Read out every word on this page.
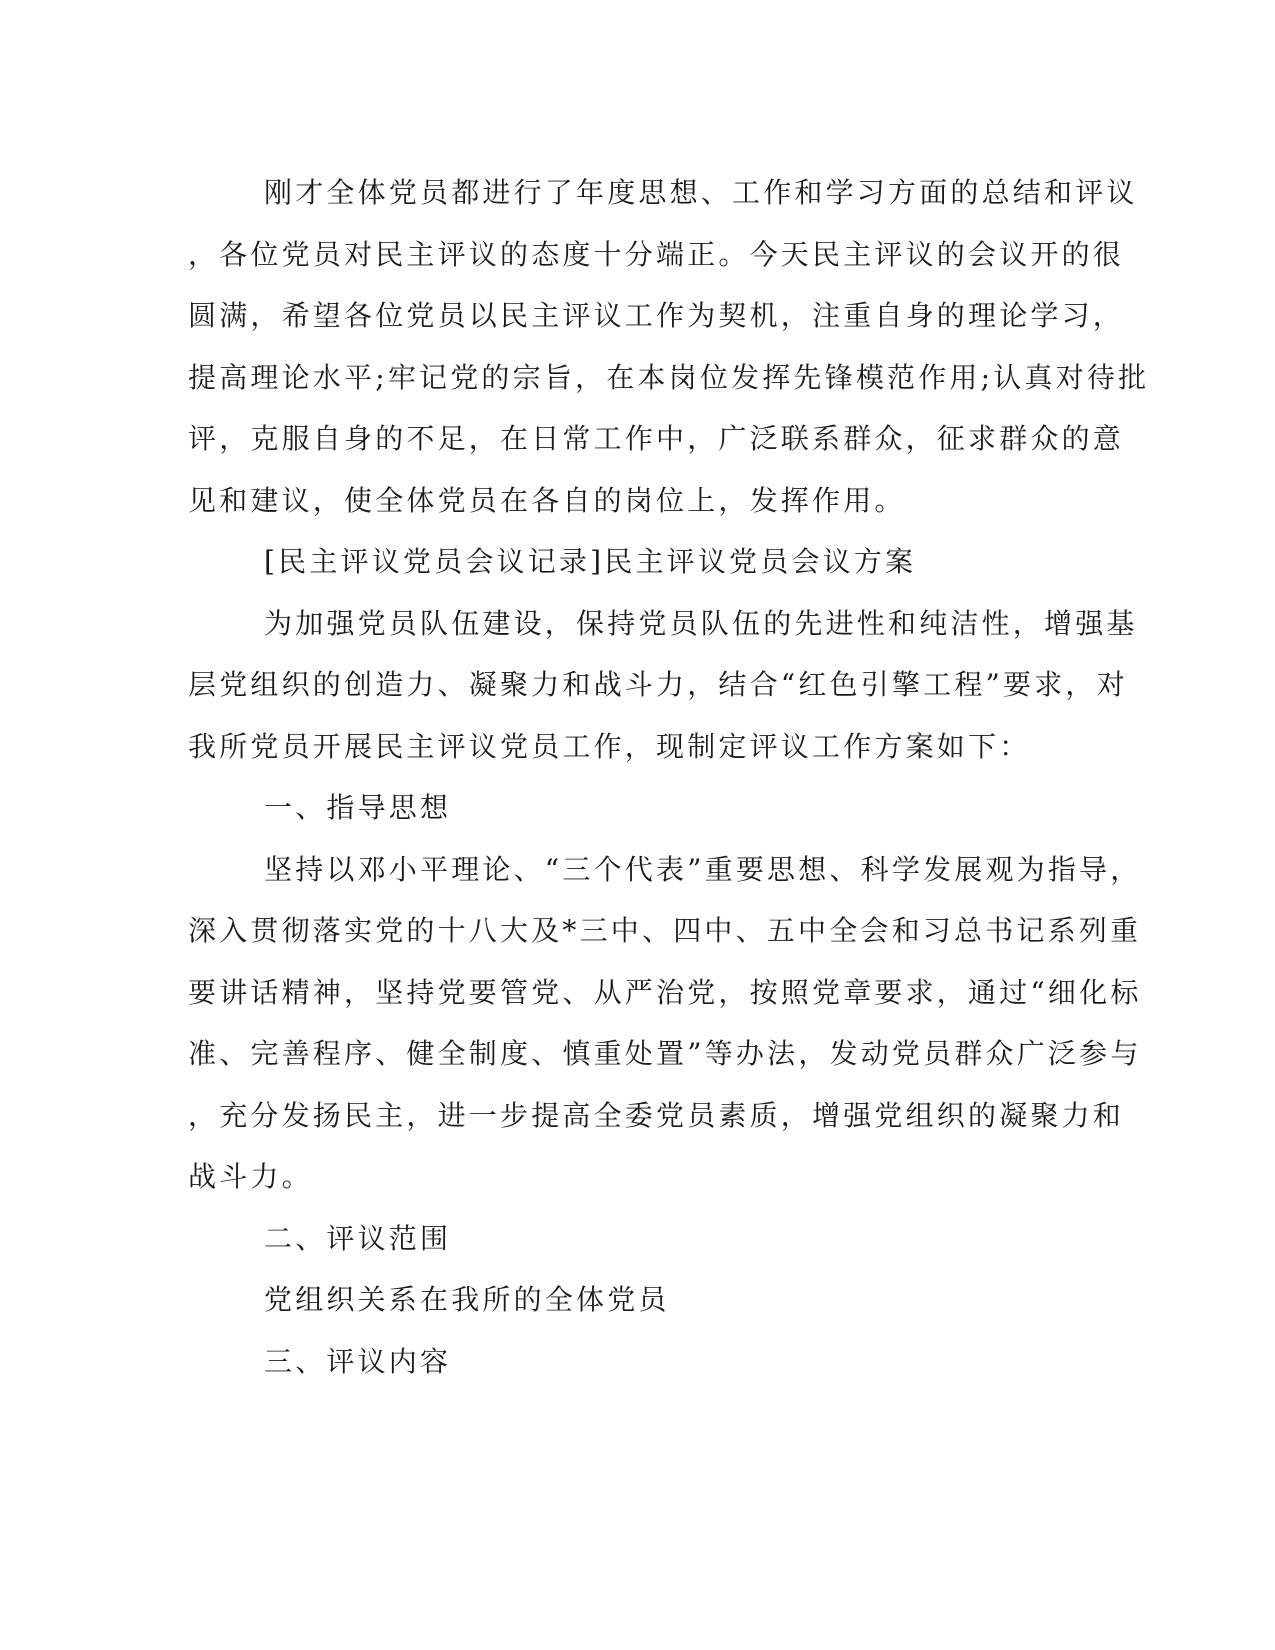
刚才全体党员都进行了年度思想、工作和学习方面的总结和评议
，各位党员对民主评议的态度十分端正。今天民主评议的会议开的很
圆满，希望各位党员以民主评议工作为契机，注重自身的理论学习，
提高理论水平;牢记党的宗旨，在本岗位发挥先锋模范作用;认真对待批
评，克服自身的不足，在日常工作中，广泛联系群众，征求群众的意
见和建议，使全体党员在各自的岗位上，发挥作用。
[民主评议党员会议记录]民主评议党员会议方案
为加强党员队伍建设，保持党员队伍的先进性和纯洁性，增强基
层党组织的创造力、凝聚力和战斗力，结合“红色引擎工程”要求，对
我所党员开展民主评议党员工作，现制定评议工作方案如下：
一、指导思想
坚持以邓小平理论、“三个代表”重要思想、科学发展观为指导，
深入贯彻落实党的十八大及*三中、四中、五中全会和习总书记系列重
要讲话精神，坚持党要管党、从严治党，按照党章要求，通过“细化标
准、完善程序、健全制度、慎重处置”等办法，发动党员群众广泛参与
，充分发扬民主，进一步提高全委党员素质，增强党组织的凝聚力和
战斗力。
二、评议范围
党组织关系在我所的全体党员
三、评议内容
